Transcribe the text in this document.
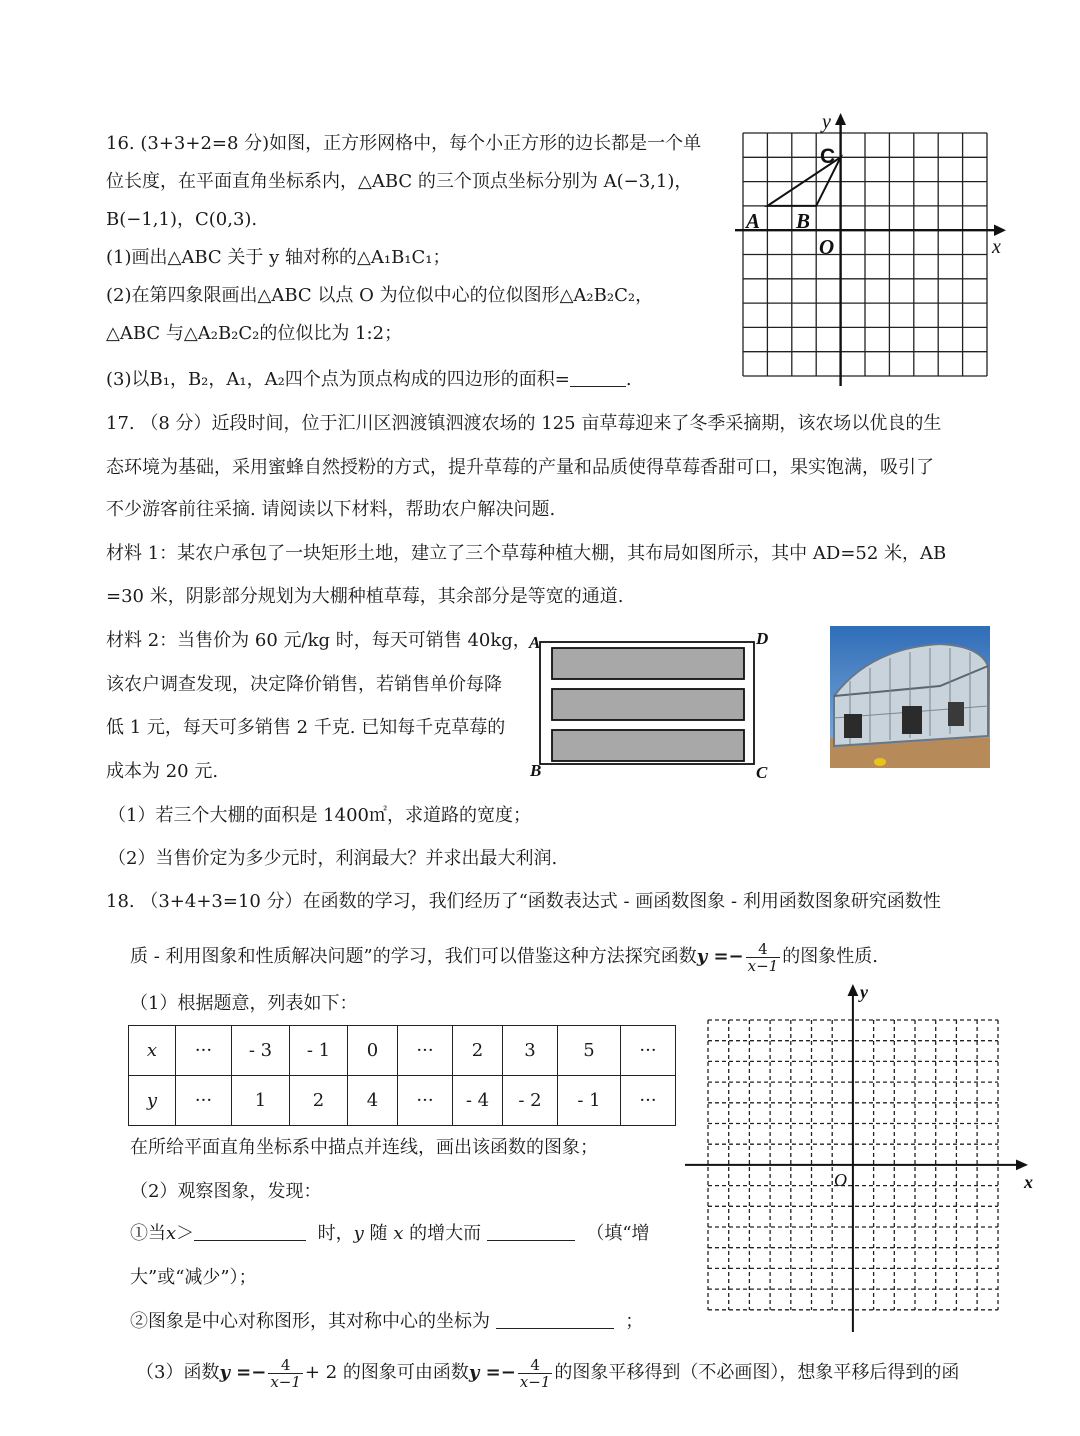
16. (3+3+2=8 分)如图，正方形网格中，每个小正方形的边长都是一个单
位长度，在平面直角坐标系内，△ABC 的三个顶点坐标分别为 A(−3,1)，
B(−1,1)，C(0,3).
(1)画出△ABC 关于 y 轴对称的△A₁B₁C₁；
(2)在第四象限画出△ABC 以点 O 为位似中心的位似图形△A₂B₂C₂，
△ABC 与△A₂B₂C₂的位似比为 1:2；
(3)以B₁，B₂，A₁，A₂四个点为顶点构成的四边形的面积=	.
y
x
A B
C
O
17. （8 分）近段时间，位于汇川区泗渡镇泗渡农场的 125 亩草莓迎来了冬季采摘期，该农场以优良的生
态环境为基础，采用蜜蜂自然授粉的方式，提升草莓的产量和品质使得草莓香甜可口，果实饱满，吸引了
不少游客前往采摘. 请阅读以下材料，帮助农户解决问题.
材料 1：某农户承包了一块矩形土地，建立了三个草莓种植大棚，其布局如图所示，其中 AD=52 米，AB
=30 米，阴影部分规划为大棚种植草莓，其余部分是等宽的通道.
材料 2：当售价为 60 元/kg 时，每天可销售 40kg，
该农户调查发现，决定降价销售，若销售单价每降
低 1 元，每天可多销售 2 千克. 已知每千克草莓的
成本为 20 元.
A	D
B	C
（1）若三个大棚的面积是 1400㎡，求道路的宽度；
（2）当售价定为多少元时，利润最大？并求出最大利润.
18. （3+4+3=10 分）在函数的学习，我们经历了“函数表达式 - 画函数图象 - 利用函数图象研究函数性
质 - 利用图象和性质解决问题”的学习，我们可以借鉴这种方法探究函数$y =- \frac{4}{x-1}$ 的图象性质.
（1）根据题意，列表如下：
x	···	- 3	- 1	0	···	2	3	5	···
y	···	1	2	4	···	- 4	- 2	- 1	···
在所给平面直角坐标系中描点并连线，画出该函数的图象；
（2）观察图象，发现：
①当x＞	时，y 随 x 的增大而	（填“增
大”或“减少”）；
②图象是中心对称图形，其对称中心的坐标为	；
（3）函数$y =- \frac{4}{x-1} + 2$ 的图象可由函数$y =- \frac{4}{x-1}$ 的图象平移得到（不必画图），想象平移后得到的函
y
x
O
